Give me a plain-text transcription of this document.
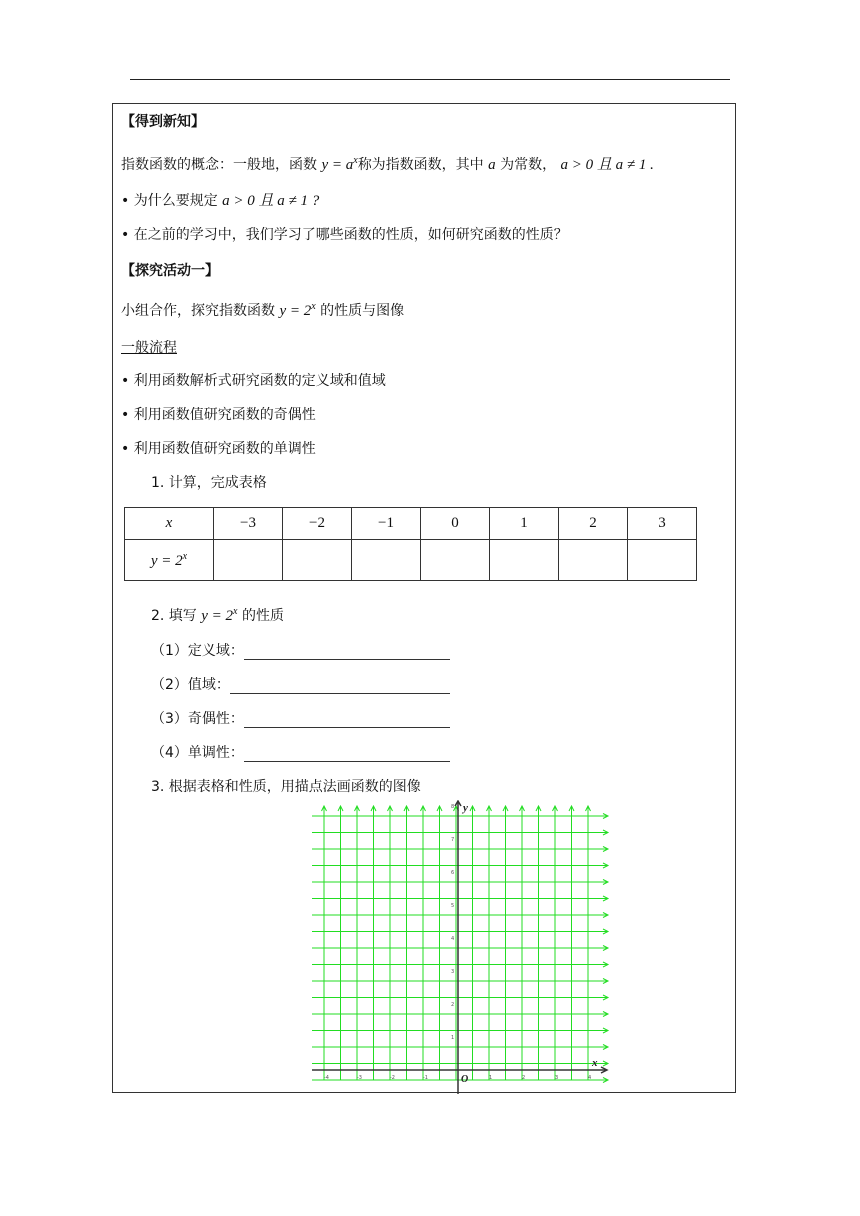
【得到新知】
指数函数的概念：一般地，函数 $y = a^x$称为指数函数，其中 a 为常数， a > 0 且 a ≠ 1 .
• 为什么要规定 a > 0 且 a ≠ 1 ?
• 在之前的学习中，我们学习了哪些函数的性质，如何研究函数的性质？
【探究活动一】
小组合作，探究指数函数 $y = 2^x$ 的性质与图像
一般流程
• 利用函数解析式研究函数的定义域和值域
• 利用函数值研究函数的奇偶性
• 利用函数值研究函数的单调性
1. 计算，完成表格
x	−3	−2	−1	0	1	2	3
$y = 2^x$							
2. 填写 $y = 2^x$ 的性质
（1）定义域：
（2）值域：
（3）奇偶性：
（4）单调性：
3. 根据表格和性质，用描点法画函数的图像
x
y
O
-4	-3	-2	-1	1	2	3	4
1
2
3
4
5
6
7
8
